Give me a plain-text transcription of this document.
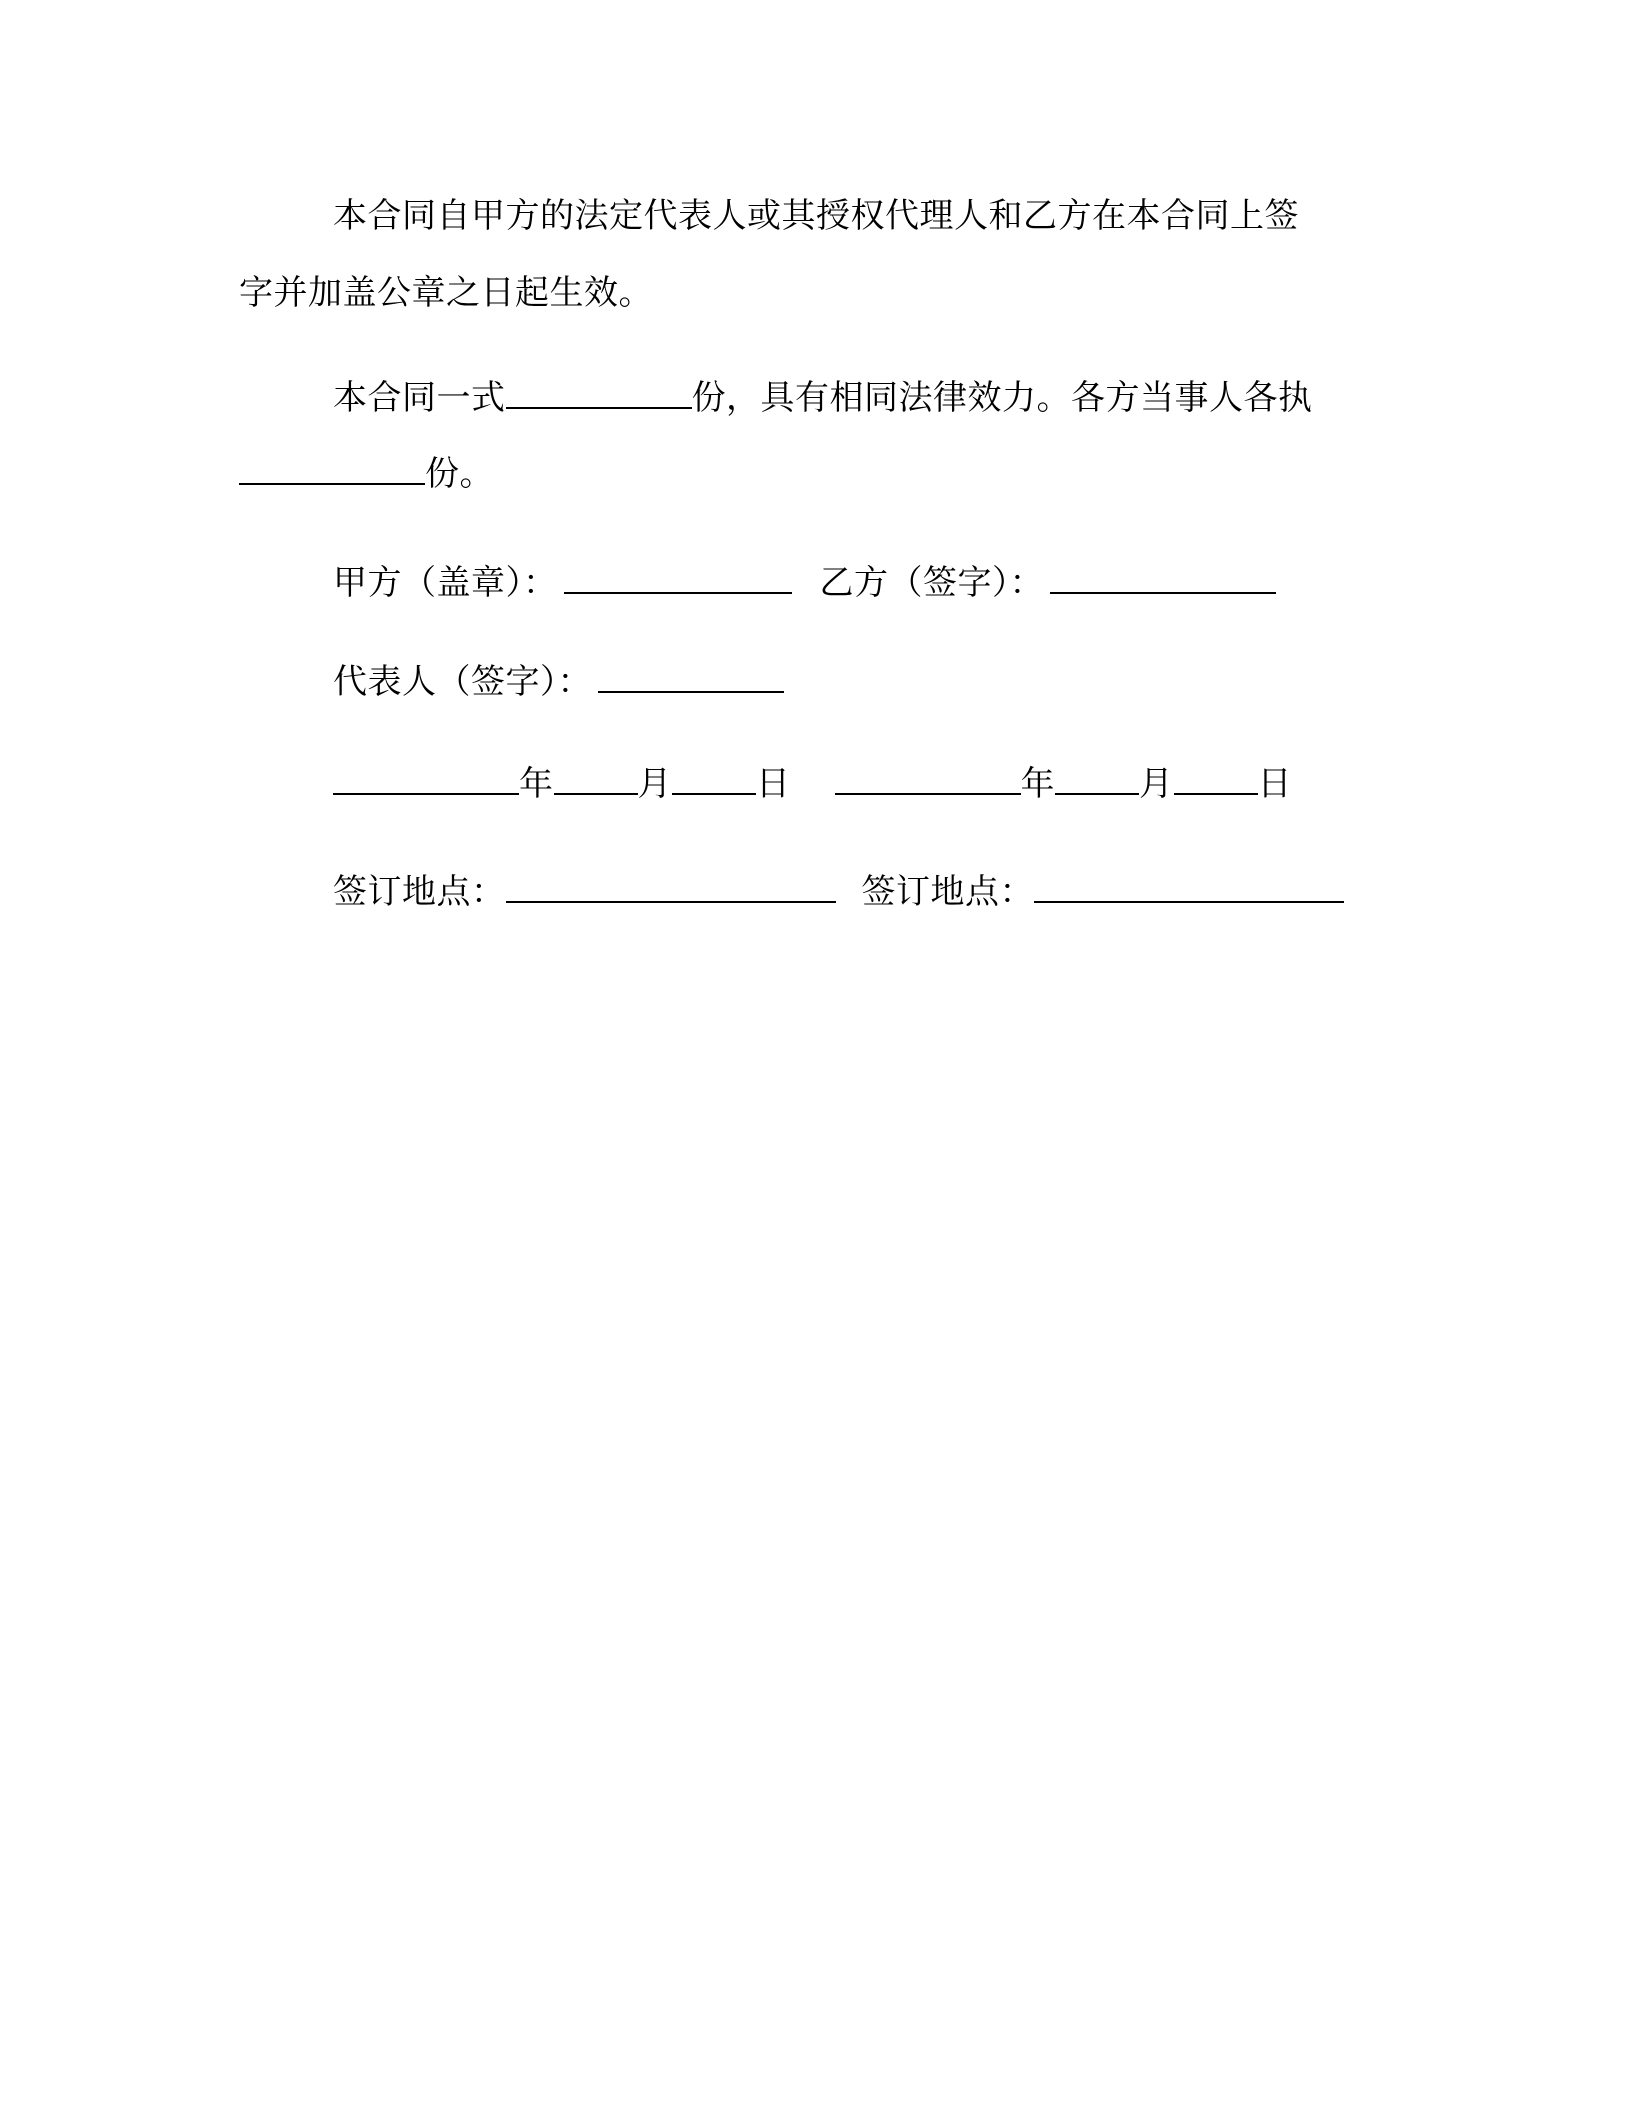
本合同自甲方的法定代表人或其授权代理人和乙方在本合同上签
字并加盖公章之日起生效。
本合同一式	份，具有相同法律效力。各方当事人各执
份。
甲方（盖章）：	乙方（签字）：
代表人（签字）：
年 月 日	年 月 日
签订地点：	签订地点：
